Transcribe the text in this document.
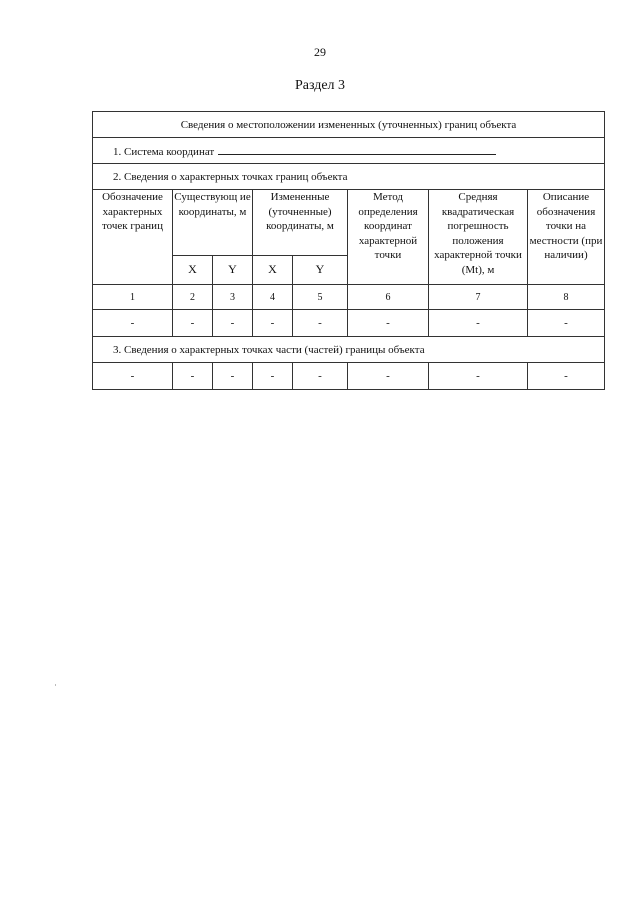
29
Раздел 3
Сведения о местоположении измененных (уточненных) границ объекта							
1. Система координат							
2. Сведения о характерных точках границ объекта							
Обозначение характерных точек границ	Существующ ие координаты, м		Измененные (уточненные) координаты, м		Метод определения координат характерной точки	Средняя квадратическая погрешность положения характерной точки (Mt), м	Описание обозначения точки на местности (при наличии)
	X	Y	X	Y			
1	2	3	4	5	6	7	8
-	-	-	-	-	-	-	-
3. Сведения о характерных точках части (частей) границы объекта							
-	-	-	-	-	-	-	-
